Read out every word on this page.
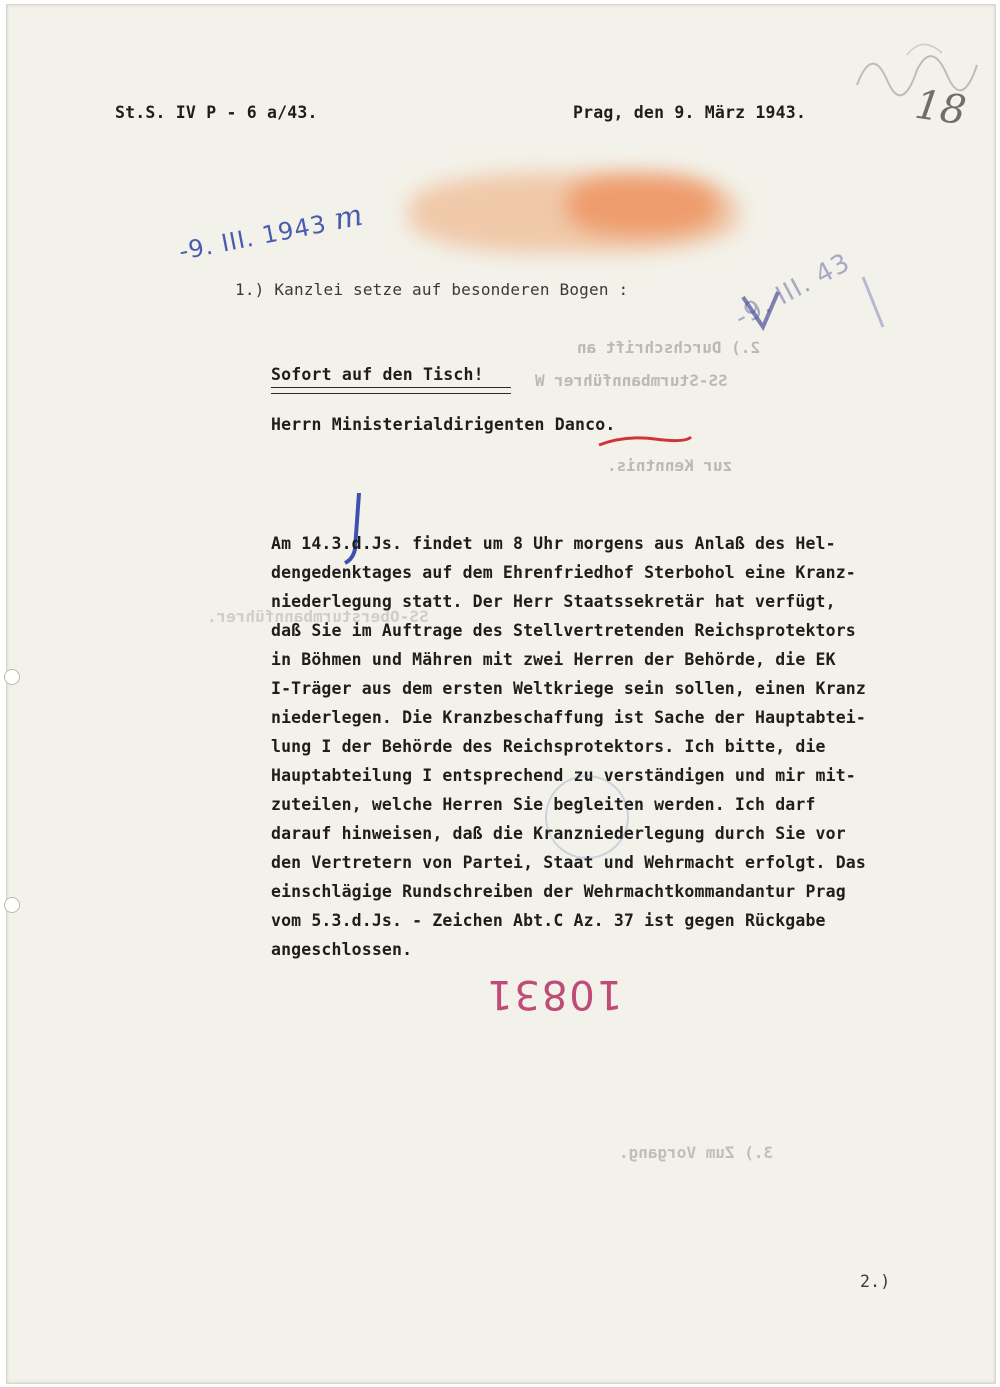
18
St.S. IV P - 6 a/43.	Prag, den 9. März 1943.
-9. III. 1943 m
-9. III. 43
1.) Kanzlei setze auf besonderen Bogen :
2.) Durchschrift an
SS-Sturmbannführer W
zur Kenntnis.
SS-Obersturmbannführer.
3.) Zum Vorgang.
Sofort auf den Tisch!
Herrn Ministerialdirigenten Danco.
Am 14.3.d.Js. findet um 8 Uhr morgens aus Anlaß des Hel-
dengedenktages auf dem Ehrenfriedhof Sterbohol eine Kranz-
niederlegung statt. Der Herr Staatssekretär hat verfügt,
daß Sie im Auftrage des Stellvertretenden Reichsprotektors
in Böhmen und Mähren mit zwei Herren der Behörde, die EK
I-Träger aus dem ersten Weltkriege sein sollen, einen Kranz
niederlegen. Die Kranzbeschaffung ist Sache der Hauptabtei-
lung I der Behörde des Reichsprotektors. Ich bitte, die
Hauptabteilung I entsprechend zu verständigen und mir mit-
zuteilen, welche Herren Sie begleiten werden. Ich darf
darauf hinweisen, daß die Kranzniederlegung durch Sie vor
den Vertretern von Partei, Staat und Wehrmacht erfolgt. Das
einschlägige Rundschreiben der Wehrmachtkommandantur Prag
vom 5.3.d.Js. - Zeichen Abt.C Az. 37 ist gegen Rückgabe
angeschlossen.
10831
2.)
